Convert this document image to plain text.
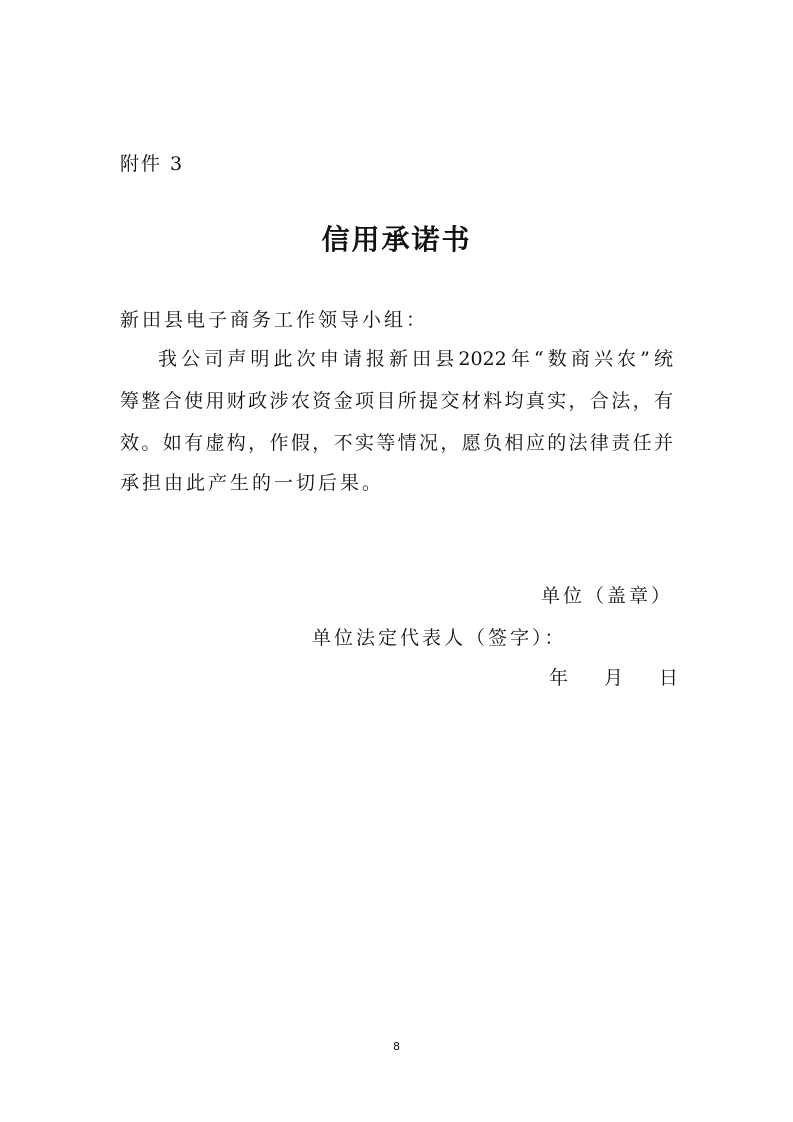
附件 3
信用承诺书
新田县电子商务工作领导小组：
我公司声明此次申请报新田县2022年“数商兴农”统
筹整合使用财政涉农资金项目所提交材料均真实，合法，有
效。如有虚构，作假，不实等情况，愿负相应的法律责任并
承担由此产生的一切后果。
单位（盖章）
单位法定代表人（签字）：
年 月 日
8
